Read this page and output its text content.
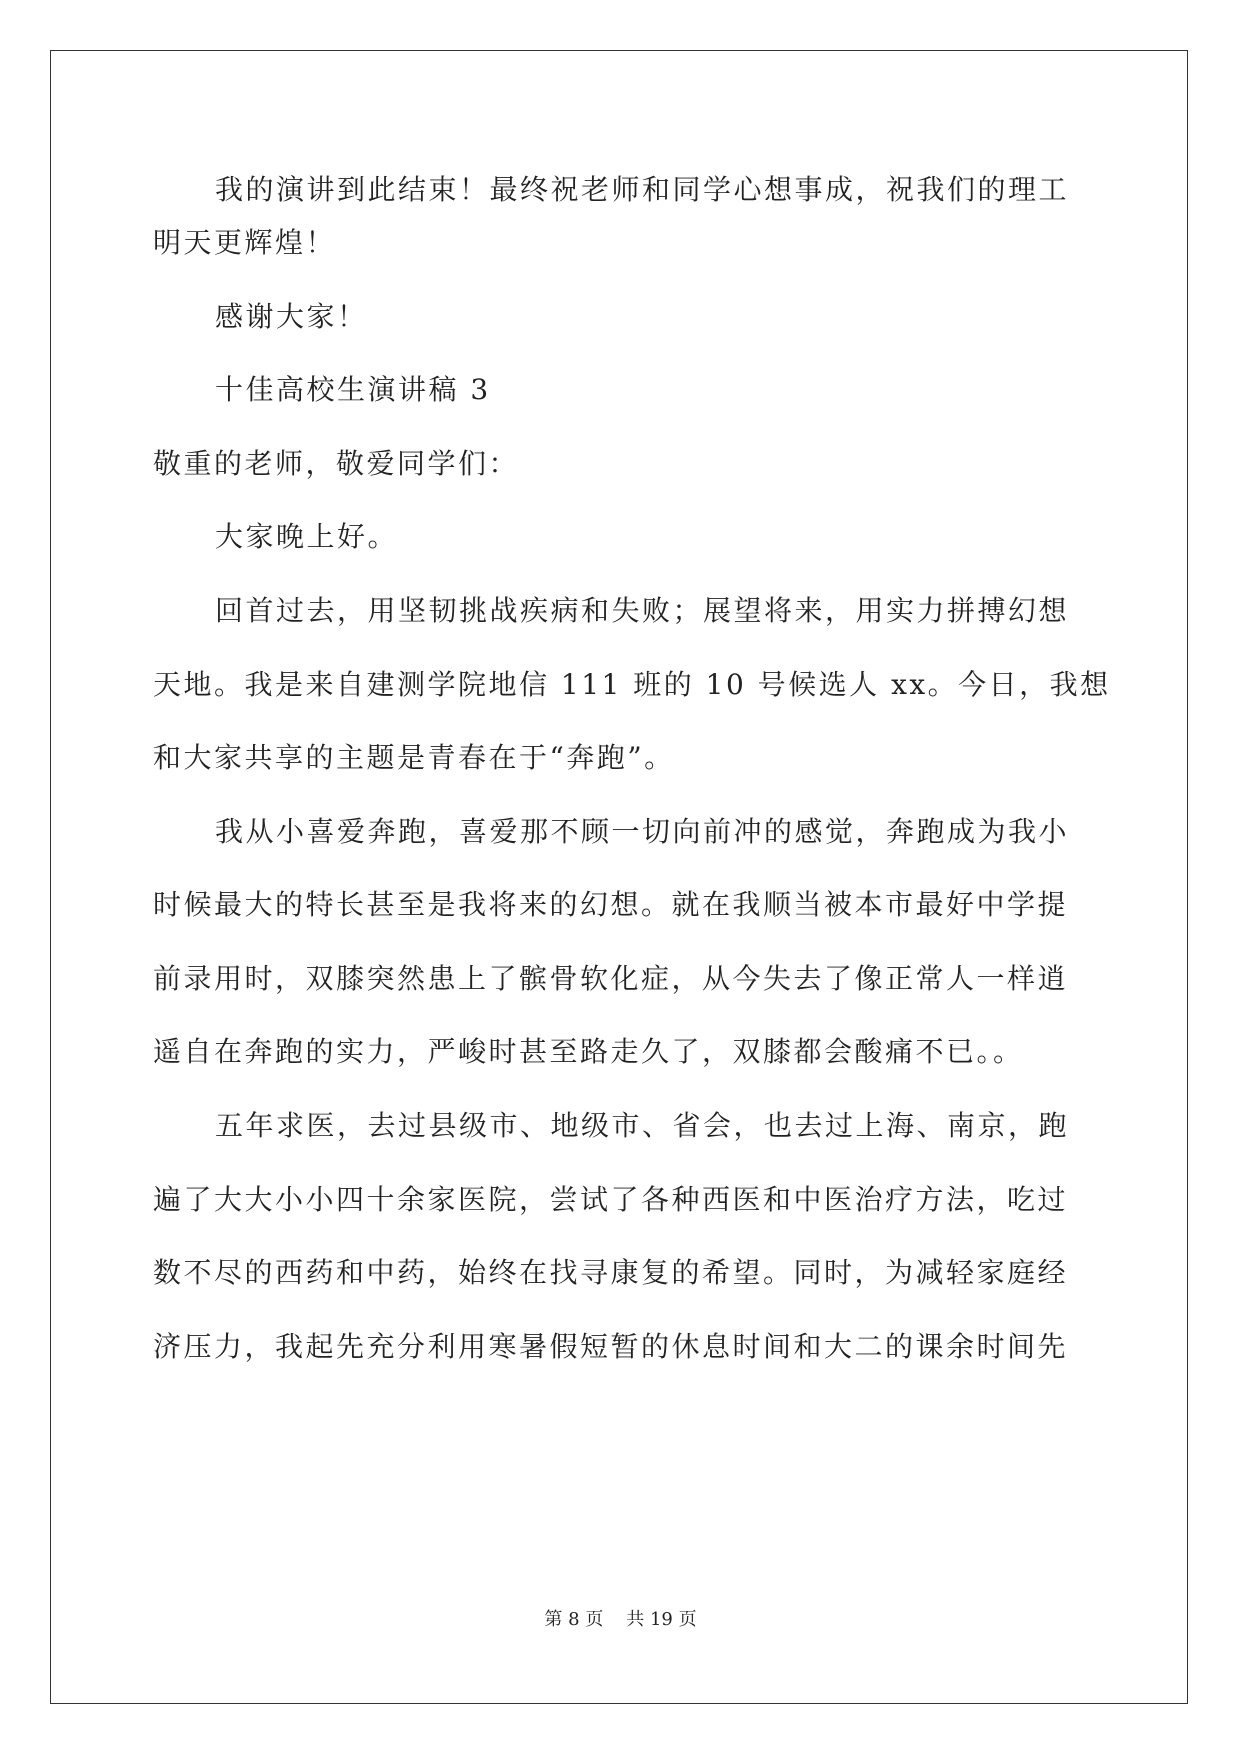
我的演讲到此结束！最终祝老师和同学心想事成，祝我们的理工
明天更辉煌！
感谢大家！
十佳高校生演讲稿 3
敬重的老师，敬爱同学们：
大家晚上好。
回首过去，用坚韧挑战疾病和失败；展望将来，用实力拼搏幻想
天地。我是来自建测学院地信 111 班的 10 号候选人 xx。今日，我想
和大家共享的主题是青春在于“奔跑”。
我从小喜爱奔跑，喜爱那不顾一切向前冲的感觉，奔跑成为我小
时候最大的特长甚至是我将来的幻想。就在我顺当被本市最好中学提
前录用时，双膝突然患上了髌骨软化症，从今失去了像正常人一样逍
遥自在奔跑的实力，严峻时甚至路走久了，双膝都会酸痛不已。。
五年求医，去过县级市、地级市、省会，也去过上海、南京，跑
遍了大大小小四十余家医院，尝试了各种西医和中医治疗方法，吃过
数不尽的西药和中药，始终在找寻康复的希望。同时，为减轻家庭经
济压力，我起先充分利用寒暑假短暂的休息时间和大二的课余时间先
第 8 页 共 19 页
